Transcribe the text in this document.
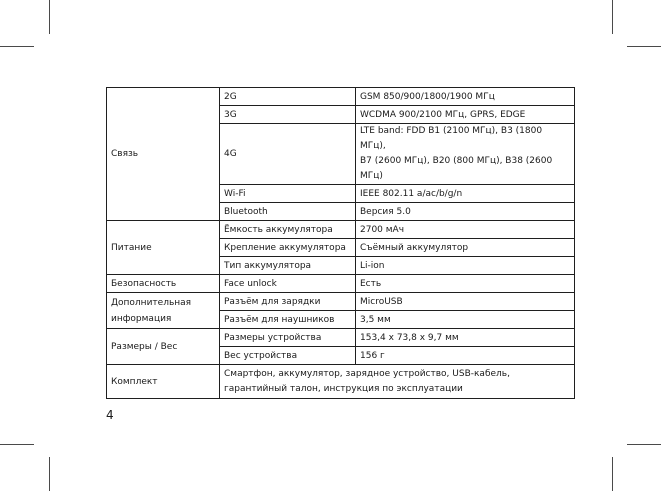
Связь	2G	GSM 850/900/1800/1900 МГц
	3G	WCDMA 900/2100 МГц, GPRS, EDGE
	4G	LTE band: FDD B1 (2100 МГц), B3 (1800 МГц),
B7 (2600 МГц), B20 (800 МГц), B38 (2600 МГц)
	Wi-Fi	IEEE 802.11 a/ac/b/g/n
	Bluetooth	Версия 5.0
Питание	Ёмкость аккумулятора	2700 мАч
	Крепление аккумулятора	Съёмный аккумулятор
	Тип аккумулятора	Li-ion
Безопасность	Face unlock	Есть
Дополнительная
информация	Разъём для зарядки	MicroUSB
	Разъём для наушников	3,5 мм
Размеры / Вес	Размеры устройства	153,4 x 73,8 x 9,7 мм
	Вес устройства	156 г
Комплект	Смартфон, аккумулятор, зарядное устройство, USB-кабель,
гарантийный талон, инструкция по эксплуатации	
4
